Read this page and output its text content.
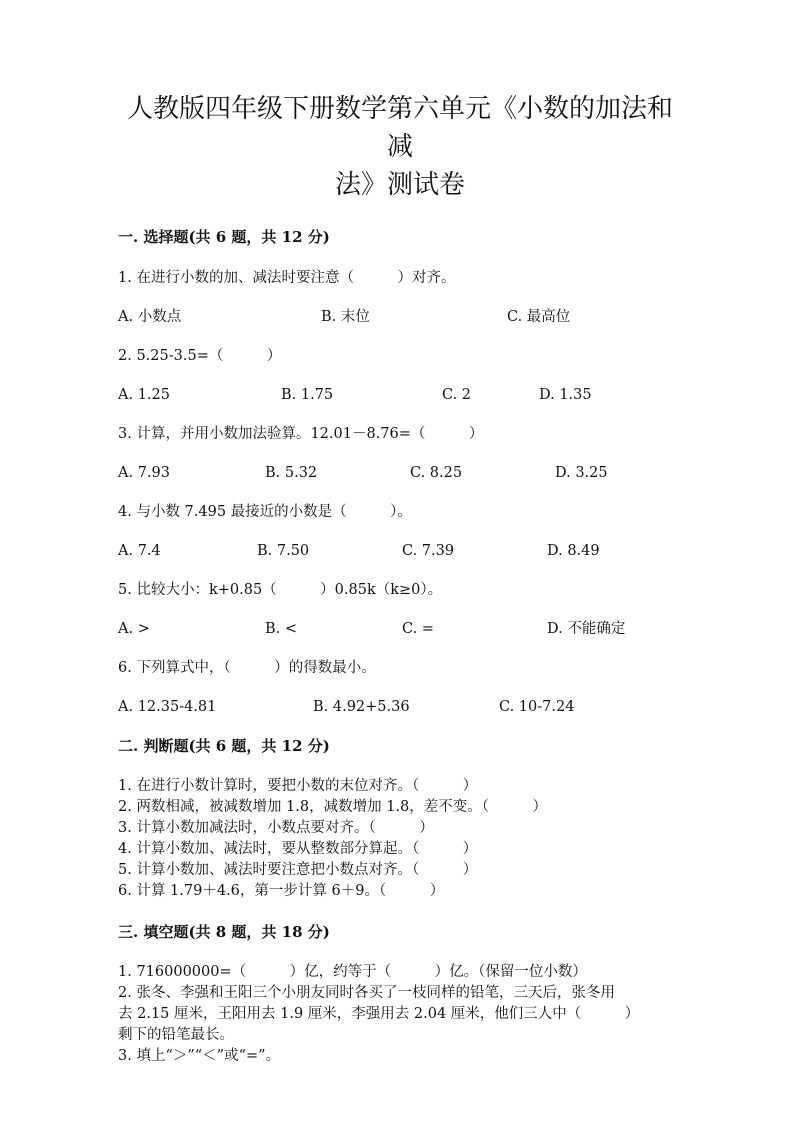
人教版四年级下册数学第六单元《小数的加法和减
法》测试卷

一. 选择题(共 6 题，共 12 分)

1. 在进行小数的加、减法时要注意（　　　）对齐。

A. 小数点	B. 末位	C. 最高位

2. 5.25-3.5=（　　　）

A. 1.25	B. 1.75	C. 2	D. 1.35

3. 计算，并用小数加法验算。12.01－8.76=（　　　）

A. 7.93	B. 5.32	C. 8.25	D. 3.25

4. 与小数 7.495 最接近的小数是（　　　）。

A. 7.4	B. 7.50	C. 7.39	D. 8.49

5. 比较大小：k+0.85（　　　）0.85k（k≥0）。

A. >	B. <	C. =	D. 不能确定

6. 下列算式中，（　　　）的得数最小。

A. 12.35-4.81	B. 4.92+5.36	C. 10-7.24

二. 判断题(共 6 题，共 12 分)

1. 在进行小数计算时，要把小数的末位对齐。（　　　）

2. 两数相减，被减数增加 1.8，减数增加 1.8，差不变。（　　　）

3. 计算小数加减法时，小数点要对齐。（　　　）

4. 计算小数加、减法时，要从整数部分算起。（　　　）

5. 计算小数加、减法时要注意把小数点对齐。（　　　）

6. 计算 1.79＋4.6，第一步计算 6＋9。（　　　）

三. 填空题(共 8 题，共 18 分)

1. 716000000=（　　　）亿，约等于（　　　）亿。（保留一位小数）

2. 张冬、李强和王阳三个小朋友同时各买了一枝同样的铅笔，三天后，张冬用

去 2.15 厘米，王阳用去 1.9 厘米，李强用去 2.04 厘米，他们三人中（　　　）

剩下的铅笔最长。

3. 填上“＞”“＜”或“=”。
